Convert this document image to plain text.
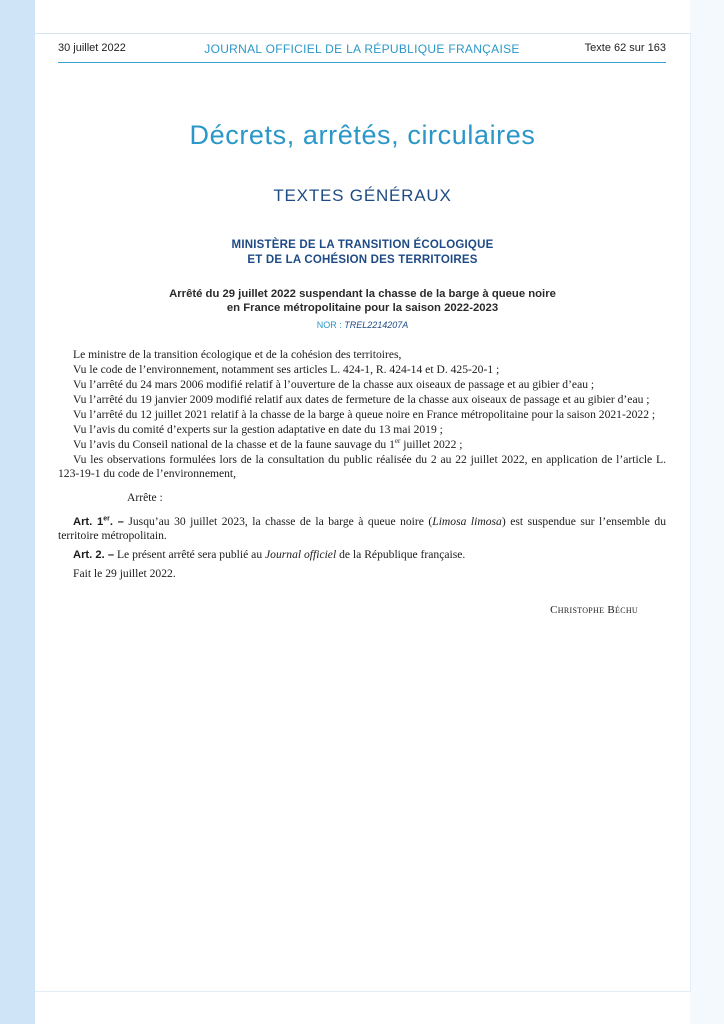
30 juillet 2022	JOURNAL OFFICIEL DE LA RÉPUBLIQUE FRANÇAISE	Texte 62 sur 163
Décrets, arrêtés, circulaires
TEXTES GÉNÉRAUX
MINISTÈRE DE LA TRANSITION ÉCOLOGIQUE
ET DE LA COHÉSION DES TERRITOIRES
Arrêté du 29 juillet 2022 suspendant la chasse de la barge à queue noire
en France métropolitaine pour la saison 2022-2023
NOR : TREL2214207A

Le ministre de la transition écologique et de la cohésion des territoires,

Vu le code de l’environnement, notamment ses articles L. 424-1, R. 424-14 et D. 425-20-1 ;

Vu l’arrêté du 24 mars 2006 modifié relatif à l’ouverture de la chasse aux oiseaux de passage et au gibier d’eau ;

Vu l’arrêté du 19 janvier 2009 modifié relatif aux dates de fermeture de la chasse aux oiseaux de passage et au gibier d’eau ;

Vu l’arrêté du 12 juillet 2021 relatif à la chasse de la barge à queue noire en France métropolitaine pour la saison 2021-2022 ;

Vu l’avis du comité d’experts sur la gestion adaptative en date du 13 mai 2019 ;

Vu l’avis du Conseil national de la chasse et de la faune sauvage du 1er juillet 2022 ;

Vu les observations formulées lors de la consultation du public réalisée du 2 au 22 juillet 2022, en application de l’article L. 123-19-1 du code de l’environnement,

Arrête :

Art. 1er. – Jusqu’au 30 juillet 2023, la chasse de la barge à queue noire (Limosa limosa) est suspendue sur l’ensemble du territoire métropolitain.

Art. 2. – Le présent arrêté sera publié au Journal officiel de la République française.

Fait le 29 juillet 2022.

Christophe Béchu
